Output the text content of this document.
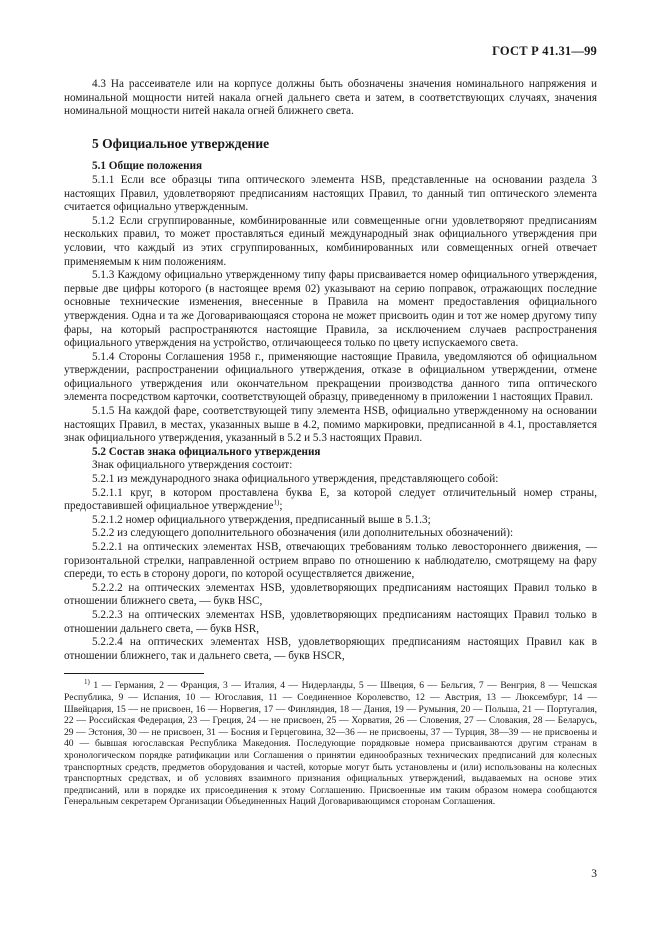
ГОСТ Р 41.31—99

4.3 На рассеивателе или на корпусе должны быть обозначены значения номинального напряжения и номинальной мощности нитей накала огней дальнего света и затем, в соответствующих случаях, значения номинальной мощности нитей накала огней ближнего света.

5 Официальное утверждение
5.1 Общие положения

5.1.1 Если все образцы типа оптического элемента HSB, представленные на основании раздела 3 настоящих Правил, удовлетворяют предписаниям настоящих Правил, то данный тип оптического элемента считается официально утвержденным.

5.1.2 Если сгруппированные, комбинированные или совмещенные огни удовлетворяют предписаниям нескольких правил, то может проставляться единый международный знак официального утверждения при условии, что каждый из этих сгруппированных, комбинированных или совмещенных огней отвечает применяемым к ним положениям.

5.1.3 Каждому официально утвержденному типу фары присваивается номер официального утверждения, первые две цифры которого (в настоящее время 02) указывают на серию поправок, отражающих последние основные технические изменения, внесенные в Правила на момент предоставления официального утверждения. Одна и та же Договаривающаяся сторона не может присвоить один и тот же номер другому типу фары, на который распространяются настоящие Правила, за исключением случаев распространения официального утверждения на устройство, отличающееся только по цвету испускаемого света.

5.1.4 Стороны Соглашения 1958 г., применяющие настоящие Правила, уведомляются об официальном утверждении, распространении официального утверждения, отказе в официальном утверждении, отмене официального утверждения или окончательном прекращении производства данного типа оптического элемента посредством карточки, соответствующей образцу, приведенному в приложении 1 настоящих Правил.

5.1.5 На каждой фаре, соответствующей типу элемента HSB, официально утвержденному на основании настоящих Правил, в местах, указанных выше в 4.2, помимо маркировки, предписанной в 4.1, проставляется знак официального утверждения, указанный в 5.2 и 5.3 настоящих Правил.

5.2 Состав знака официального утверждения

Знак официального утверждения состоит:

5.2.1 из международного знака официального утверждения, представляющего собой:

5.2.1.1 круг, в котором проставлена буква E, за которой следует отличительный номер страны, предоставившей официальное утверждение$^{1)}$;

5.2.1.2 номер официального утверждения, предписанный выше в 5.1.3;

5.2.2 из следующего дополнительного обозначения (или дополнительных обозначений):

5.2.2.1 на оптических элементах HSB, отвечающих требованиям только левостороннего движения, — горизонтальной стрелки, направленной острием вправо по отношению к наблюдателю, смотрящему на фару спереди, то есть в сторону дороги, по которой осуществляется движение,

5.2.2.2 на оптических элементах HSB, удовлетворяющих предписаниям настоящих Правил только в отношении ближнего света, — букв HSC,

5.2.2.3 на оптических элементах HSB, удовлетворяющих предписаниям настоящих Правил только в отношении дальнего света, — букв HSR,

5.2.2.4 на оптических элементах HSB, удовлетворяющих предписаниям настоящих Правил как в отношении ближнего, так и дальнего света, — букв HSCR,

$^{1)}$ 1 — Германия, 2 — Франция, 3 — Италия, 4 — Нидерланды, 5 — Швеция, 6 — Бельгия, 7 — Венгрия, 8 — Чешская Республика, 9 — Испания, 10 — Югославия, 11 — Соединенное Королевство, 12 — Австрия, 13 — Люксембург, 14 — Швейцария, 15 — не присвоен, 16 — Норвегия, 17 — Финляндия, 18 — Дания, 19 — Румыния, 20 — Польша, 21 — Португалия, 22 — Российская Федерация, 23 — Греция, 24 — не присвоен, 25 — Хорватия, 26 — Словения, 27 — Словакия, 28 — Беларусь, 29 — Эстония, 30 — не присвоен, 31 — Босния и Герцеговина, 32—36 — не присвоены, 37 — Турция, 38—39 — не присвоены и 40 — бывшая югославская Республика Македония. Последующие порядковые номера присваиваются другим странам в хронологическом порядке ратификации или Соглашения о принятии единообразных технических предписаний для колесных транспортных средств, предметов оборудования и частей, которые могут быть установлены и (или) использованы на колесных транспортных средствах, и об условиях взаимного признания официальных утверждений, выдаваемых на основе этих предписаний, или в порядке их присоединения к этому Соглашению. Присвоенные им таким образом номера сообщаются Генеральным секретарем Организации Объединенных Наций Договаривающимся сторонам Соглашения.

3
